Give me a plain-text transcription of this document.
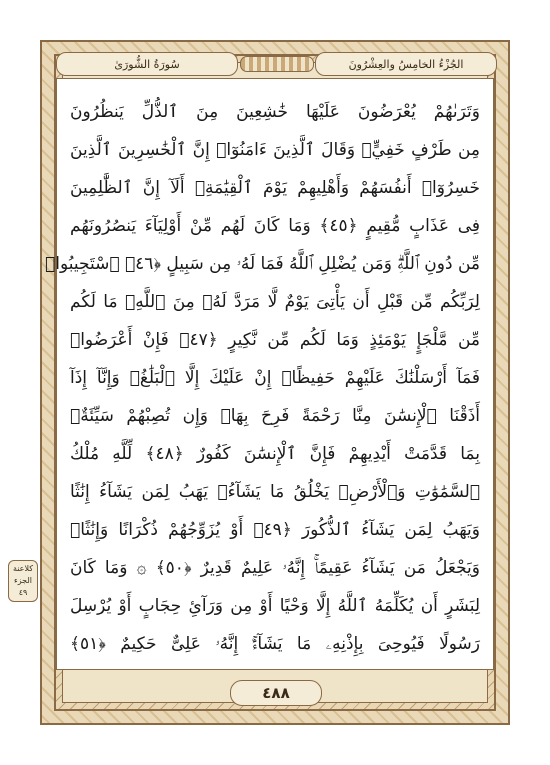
الجُزْءُ الخامِسُ والعِشْرُونَ
سُورَةُ الشُّورَىٰ
وَتَرَىٰهُمْ يُعْرَضُونَ عَلَيْهَا خَٰشِعِينَ مِنَ ٱلذُّلِّ يَنظُرُونَ
مِن طَرْفٍ خَفِيٍّۗ وَقَالَ ٱلَّذِينَ ءَامَنُوٓا۟ إِنَّ ٱلْخَٰسِرِينَ ٱلَّذِينَ
خَسِرُوٓا۟ أَنفُسَهُمْ وَأَهْلِيهِمْ يَوْمَ ٱلْقِيَٰمَةِۗ أَلَآ إِنَّ ٱلظَّٰلِمِينَ
فِى عَذَابٍ مُّقِيمٍ ﴿٤٥﴾ وَمَا كَانَ لَهُم مِّنْ أَوْلِيَآءَ يَنصُرُونَهُم
مِّن دُونِ ٱللَّهِۗ وَمَن يُضْلِلِ ٱللَّهُ فَمَا لَهُۥ مِن سَبِيلٍ ﴿٤٦﴾ ٱسْتَجِيبُوا۟
لِرَبِّكُم مِّن قَبْلِ أَن يَأْتِىَ يَوْمٌ لَّا مَرَدَّ لَهُۥ مِنَ ٱللَّهِۚ مَا لَكُم
مِّن مَّلْجَإٍ يَوْمَئِذٍ وَمَا لَكُم مِّن نَّكِيرٍ ﴿٤٧﴾ فَإِنْ أَعْرَضُوا۟
فَمَآ أَرْسَلْنَٰكَ عَلَيْهِمْ حَفِيظًاۖ إِنْ عَلَيْكَ إِلَّا ٱلْبَلَٰغُۗ وَإِنَّآ إِذَآ
أَذَقْنَا ٱلْإِنسَٰنَ مِنَّا رَحْمَةً فَرِحَ بِهَاۖ وَإِن تُصِبْهُمْ سَيِّئَةٌۢ
بِمَا قَدَّمَتْ أَيْدِيهِمْ فَإِنَّ ٱلْإِنسَٰنَ كَفُورٌ ﴿٤٨﴾ لِّلَّهِ مُلْكُ
ٱلسَّمَٰوَٰتِ وَٱلْأَرْضِۚ يَخْلُقُ مَا يَشَآءُۚ يَهَبُ لِمَن يَشَآءُ إِنَٰثًا
وَيَهَبُ لِمَن يَشَآءُ ٱلذُّكُورَ ﴿٤٩﴾ أَوْ يُزَوِّجُهُمْ ذُكْرَانًا وَإِنَٰثًاۖ
وَيَجْعَلُ مَن يَشَآءُ عَقِيمًاۚ إِنَّهُۥ عَلِيمٌ قَدِيرٌ ﴿٥٠﴾ ۞ وَمَا كَانَ
لِبَشَرٍ أَن يُكَلِّمَهُ ٱللَّهُ إِلَّا وَحْيًا أَوْ مِن وَرَآئِ حِجَابٍ أَوْ يُرْسِلَ
رَسُولًا فَيُوحِىَ بِإِذْنِهِۦ مَا يَشَآءُۚ إِنَّهُۥ عَلِىٌّ حَكِيمٌ ﴿٥١﴾
كلاعنة
الجزء
٤٩
٤٨٨
